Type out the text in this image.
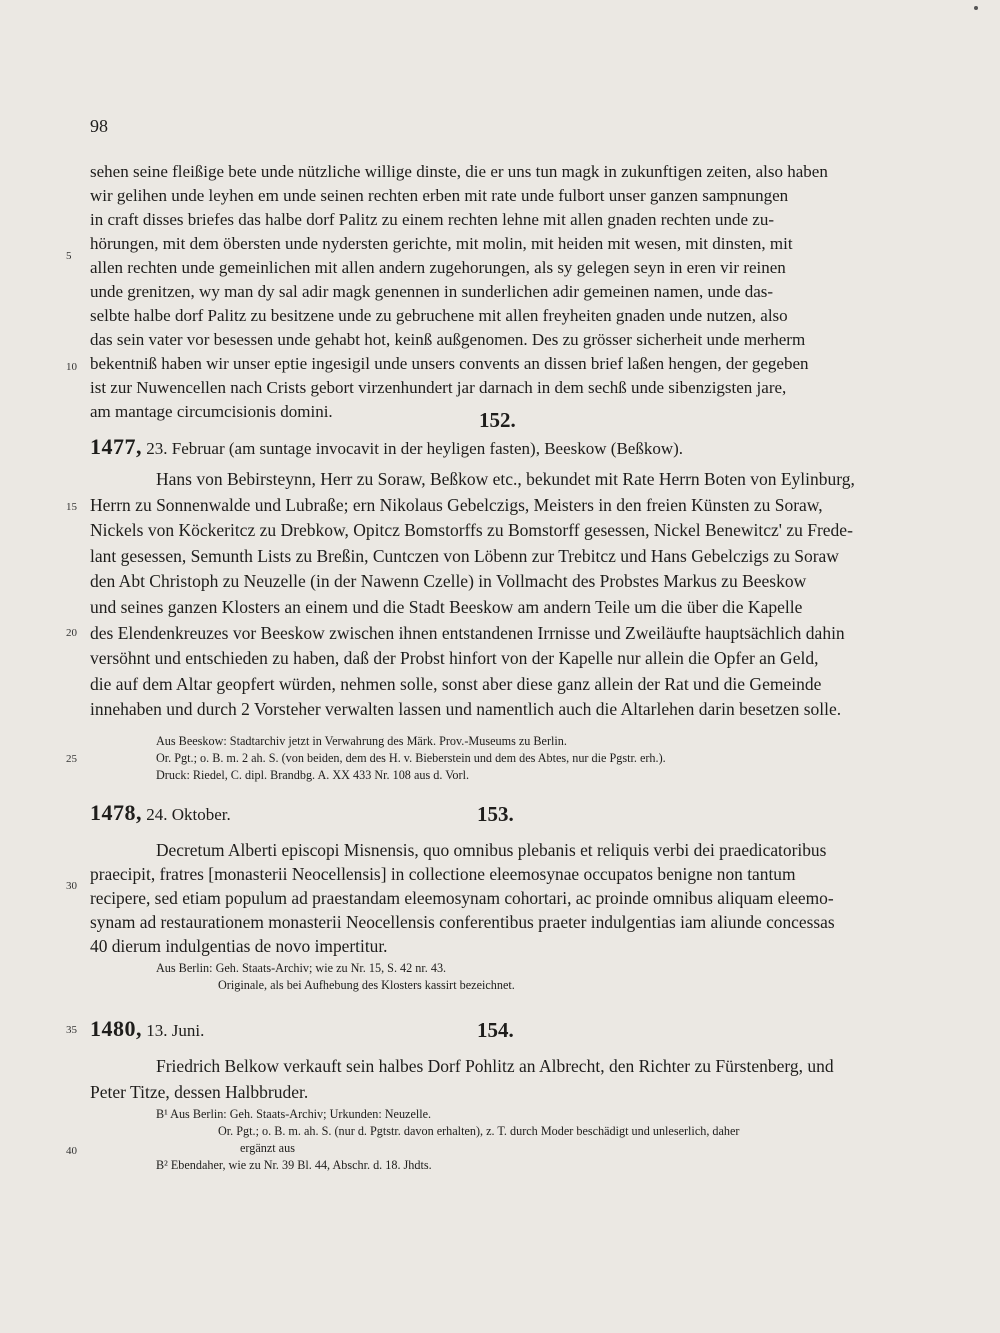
98
5
10
15
20
25
30
35
40
sehen seine fleißige bete unde nützliche willige dinste, die er uns tun magk in zukunftigen zeiten, also haben
wir gelihen unde leyhen em unde seinen rechten erben mit rate unde fulbort unser ganzen sampnungen
in craft disses briefes das halbe dorf Palitz zu einem rechten lehne mit allen gnaden rechten unde zu-
hörungen, mit dem öbersten unde nydersten gerichte, mit molin, mit heiden mit wesen, mit dinsten, mit
allen rechten unde gemeinlichen mit allen andern zugehorungen, als sy gelegen seyn in eren vir reinen
unde grenitzen, wy man dy sal adir magk genennen in sunderlichen adir gemeinen namen, unde das-
selbte halbe dorf Palitz zu besitzene unde zu gebruchene mit allen freyheiten gnaden unde nutzen, also
das sein vater vor besessen unde gehabt hot, keinß außgenomen. Des zu grösser sicherheit unde merherm
bekentniß haben wir unser eptie ingesigil unde unsers convents an dissen brief laßen hengen, der gegeben
ist zur Nuwencellen nach Crists gebort virzenhundert jar darnach in dem sechß unde sibenzigsten jare,
am mantage circumcisionis domini.	152.
1477, 23. Februar (am suntage invocavit in der heyligen fasten), Beeskow (Beßkow).
Hans von Bebirsteynn, Herr zu Soraw, Beßkow etc., bekundet mit Rate Herrn Boten von Eylinburg,
Herrn zu Sonnenwalde und Lubraße; ern Nikolaus Gebelczigs, Meisters in den freien Künsten zu Soraw,
Nickels von Köckeritcz zu Drebkow, Opitcz Bomstorffs zu Bomstorff gesessen, Nickel Benewitcz' zu Frede-
lant gesessen, Semunth Lists zu Breßin, Cuntczen von Löbenn zur Trebitcz und Hans Gebelczigs zu Soraw
den Abt Christoph zu Neuzelle (in der Nawenn Czelle) in Vollmacht des Probstes Markus zu Beeskow
und seines ganzen Klosters an einem und die Stadt Beeskow am andern Teile um die über die Kapelle
des Elendenkreuzes vor Beeskow zwischen ihnen entstandenen Irrnisse und Zweiläufte hauptsächlich dahin
versöhnt und entschieden zu haben, daß der Probst hinfort von der Kapelle nur allein die Opfer an Geld,
die auf dem Altar geopfert würden, nehmen solle, sonst aber diese ganz allein der Rat und die Gemeinde
innehaben und durch 2 Vorsteher verwalten lassen und namentlich auch die Altarlehen darin besetzen solle.
Aus Beeskow: Stadtarchiv jetzt in Verwahrung des Märk. Prov.-Museums zu Berlin.
Or. Pgt.; o. B. m. 2 ah. S. (von beiden, dem des H. v. Bieberstein und dem des Abtes, nur die Pgstr. erh.).
Druck: Riedel, C. dipl. Brandbg. A. XX 433 Nr. 108 aus d. Vorl.
1478, 24. Oktober.	153.
Decretum Alberti episcopi Misnensis, quo omnibus plebanis et reliquis verbi dei praedicatoribus
praecipit, fratres [monasterii Neocellensis] in collectione eleemosynae occupatos benigne non tantum
recipere, sed etiam populum ad praestandam eleemosynam cohortari, ac proinde omnibus aliquam eleemo-
synam ad restaurationem monasterii Neocellensis conferentibus praeter indulgentias iam aliunde concessas
40 dierum indulgentias de novo impertitur.
Aus Berlin: Geh. Staats-Archiv; wie zu Nr. 15, S. 42 nr. 43.
Originale, als bei Aufhebung des Klosters kassirt bezeichnet.
1480, 13. Juni.	154.
Friedrich Belkow verkauft sein halbes Dorf Pohlitz an Albrecht, den Richter zu Fürstenberg, und
Peter Titze, dessen Halbbruder.
B¹ Aus Berlin: Geh. Staats-Archiv; Urkunden: Neuzelle.
Or. Pgt.; o. B. m. ah. S. (nur d. Pgtstr. davon erhalten), z. T. durch Moder beschädigt und unleserlich, daher
ergänzt aus
B² Ebendaher, wie zu Nr. 39 Bl. 44, Abschr. d. 18. Jhdts.
